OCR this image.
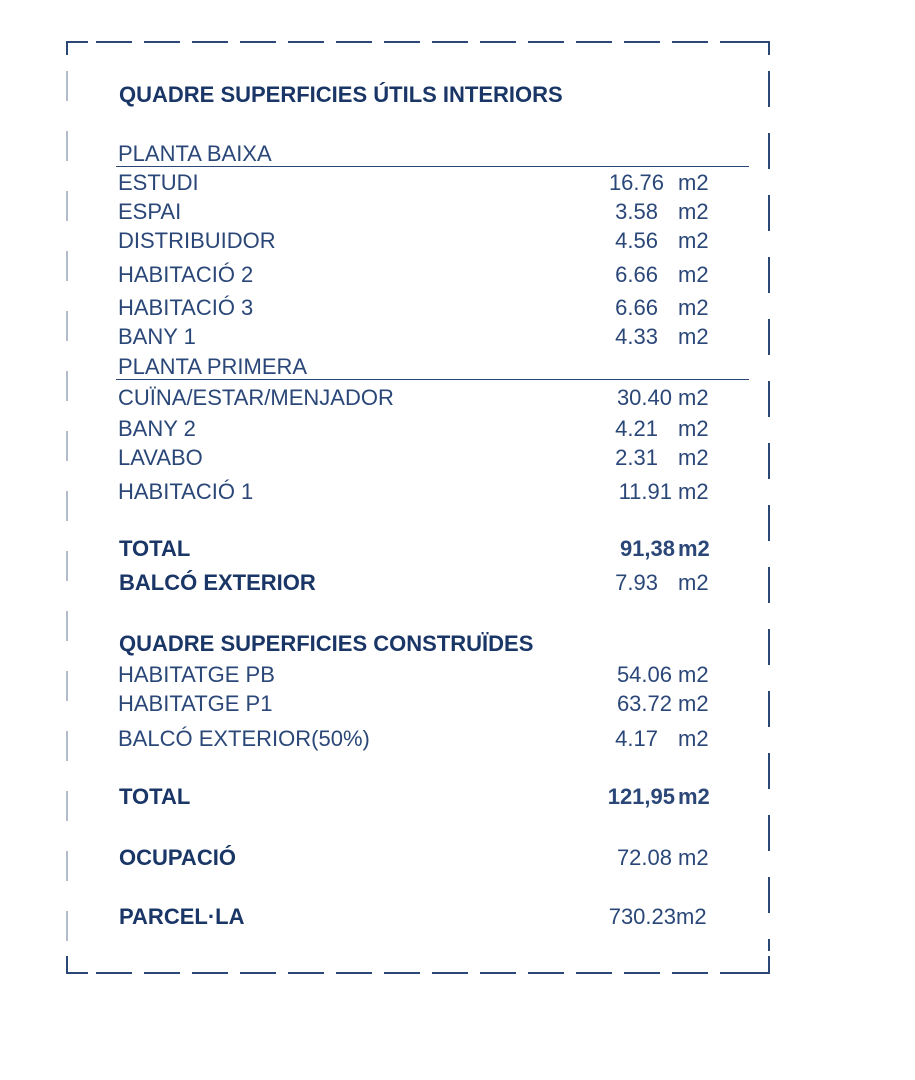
QUADRE SUPERFICIES ÚTILS INTERIORS
PLANTA BAIXA
ESTUDI	16.76 m2
ESPAI	3.58 m2
DISTRIBUIDOR	4.56 m2
HABITACIÓ 2	6.66 m2
HABITACIÓ 3	6.66 m2
BANY 1	4.33 m2
PLANTA PRIMERA
CUÏNA/ESTAR/MENJADOR	30.40 m2
BANY 2	4.21 m2
LAVABO	2.31 m2
HABITACIÓ 1	11.91 m2
TOTAL	91,38 m2
BALCÓ EXTERIOR	7.93 m2
QUADRE SUPERFICIES CONSTRUÏDES
HABITATGE PB	54.06 m2
HABITATGE P1	63.72 m2
BALCÓ EXTERIOR(50%)	4.17 m2
TOTAL	121,95 m2
OCUPACIÓ	72.08 m2
PARCEL·LA	730.23 m2
